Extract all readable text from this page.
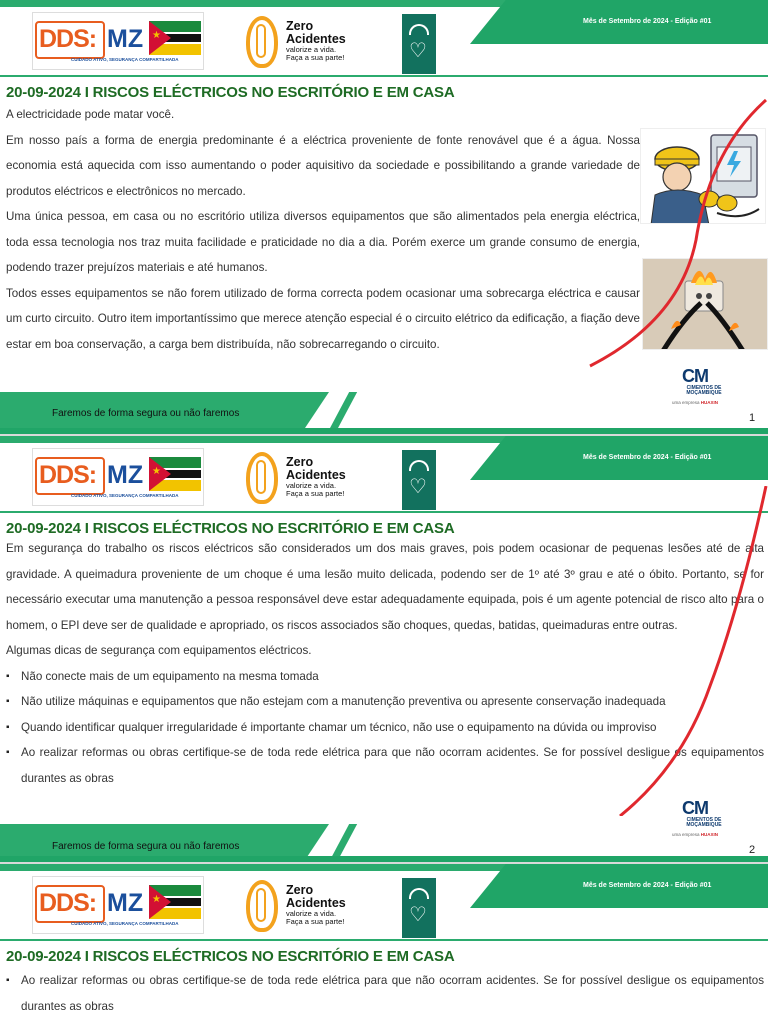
Mês de Setembro de 2024 - Edição #01
DDS: MZ ★
CUIDADO ATIVO, SEGURANÇA COMPARTILHADA
Zero
Acidentes
valorize a vida.
Faça a sua parte!	♡
20-09-2024 I RISCOS ELÉCTRICOS NO ESCRITÓRIO E EM CASA

A electricidade pode matar você.

Em nosso país a forma de energia predominante é a eléctrica proveniente de fonte renovável que é a água. Nossa economia está aquecida com isso aumentando o poder aquisitivo da sociedade e possibilitando a grande variedade de produtos eléctricos e electrônicos no mercado.

Uma única pessoa, em casa ou no escritório utiliza diversos equipamentos que são alimentados pela energia eléctrica, toda essa tecnologia nos traz muita facilidade e praticidade no dia a dia. Porém exerce um grande consumo de energia, podendo trazer prejuízos materiais e até humanos.

Todos esses equipamentos se não forem utilizado de forma correcta podem ocasionar uma sobrecarga eléctrica e causar um curto circuito. Outro item importantíssimo que merece atenção especial é o circuito elétrico da edificação, a fiação deve estar em boa conservação, a carga bem distribuída, não sobrecarregando o circuito.

Faremos de forma segura ou não faremos
CM
CIMENTOS DE
MOÇAMBIQUE
uma empresa HUAXIN
1
Mês de Setembro de 2024 - Edição #01
DDS: MZ ★
CUIDADO ATIVO, SEGURANÇA COMPARTILHADA
Zero
Acidentes
valorize a vida.
Faça a sua parte!	♡
20-09-2024 I RISCOS ELÉCTRICOS NO ESCRITÓRIO E EM CASA

Em segurança do trabalho os riscos eléctricos são considerados um dos mais graves, pois podem ocasionar de pequenas lesões até de alta gravidade. A queimadura proveniente de um choque é uma lesão muito delicada, podendo ser de 1º até 3º grau e até o óbito. Portanto, se for necessário executar uma manutenção a pessoa responsável deve estar adequadamente equipada, pois é um agente potencial de risco alto para o homem, o EPI deve ser de qualidade e apropriado, os riscos associados são choques, quedas, batidas, queimaduras entre outras.

Algumas dicas de segurança com equipamentos eléctricos.

▪ Não conecte mais de um equipamento na mesma tomada
▪ Não utilize máquinas e equipamentos que não estejam com a manutenção preventiva ou apresente conservação inadequada
▪ Quando identificar qualquer irregularidade é importante chamar um técnico, não use o equipamento na dúvida ou improviso
▪ Ao realizar reformas ou obras certifique-se de toda rede elétrica para que não ocorram acidentes. Se for possível desligue os equipamentos durantes as obras
Faremos de forma segura ou não faremos
CM
CIMENTOS DE
MOÇAMBIQUE
uma empresa HUAXIN
2
Mês de Setembro de 2024 - Edição #01
DDS: MZ ★
CUIDADO ATIVO, SEGURANÇA COMPARTILHADA
Zero
Acidentes
valorize a vida.
Faça a sua parte!	♡
20-09-2024 I RISCOS ELÉCTRICOS NO ESCRITÓRIO E EM CASA
▪ Ao realizar reformas ou obras certifique-se de toda rede elétrica para que não ocorram acidentes. Se for possível desligue os equipamentos durantes as obras
